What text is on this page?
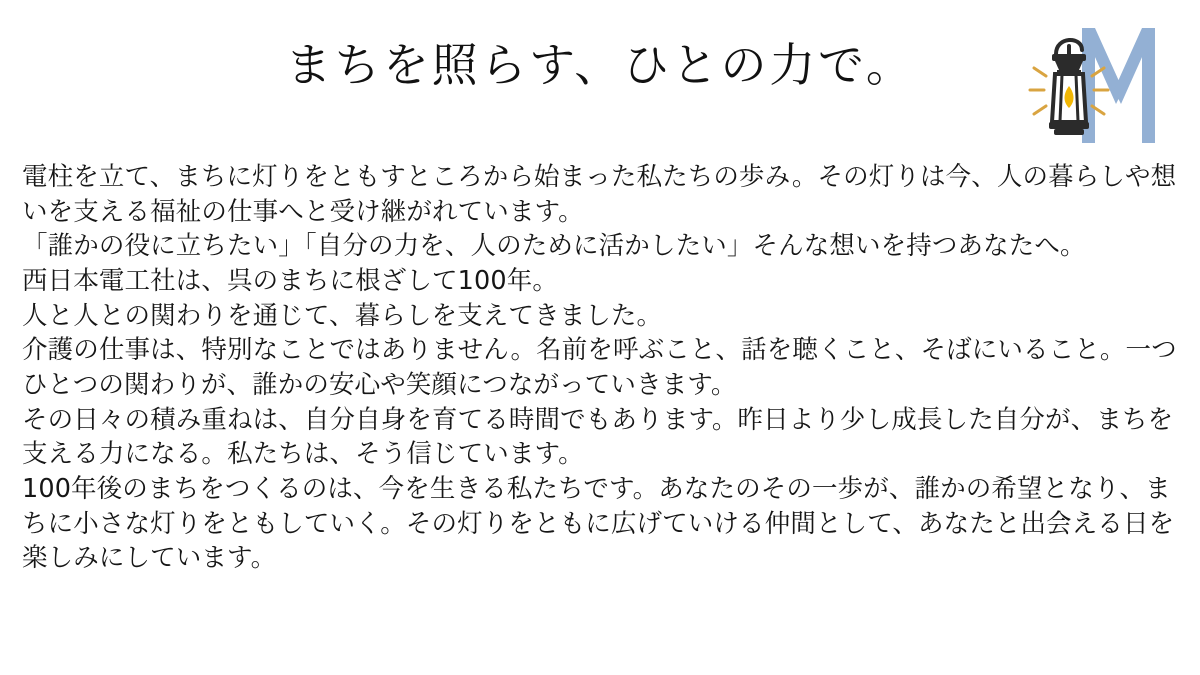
まちを照らす、ひとの力で。

電柱を立て、まちに灯りをともすところから始まった私たちの歩み。その灯りは今、人の暮らしや想いを支える福祉の仕事へと受け継がれています。

「誰かの役に立ちたい」「自分の力を、人のために活かしたい」そんな想いを持つあなたへ。

西日本電工社は、呉のまちに根ざして100年。

人と人との関わりを通じて、暮らしを支えてきました。

介護の仕事は、特別なことではありません。名前を呼ぶこと、話を聴くこと、そばにいること。一つひとつの関わりが、誰かの安心や笑顔につながっていきます。

その日々の積み重ねは、自分自身を育てる時間でもあります。昨日より少し成長した自分が、まちを支える力になる。私たちは、そう信じています。

100年後のまちをつくるのは、今を生きる私たちです。あなたのその一歩が、誰かの希望となり、まちに小さな灯りをともしていく。その灯りをともに広げていける仲間として、あなたと出会える日を楽しみにしています。
